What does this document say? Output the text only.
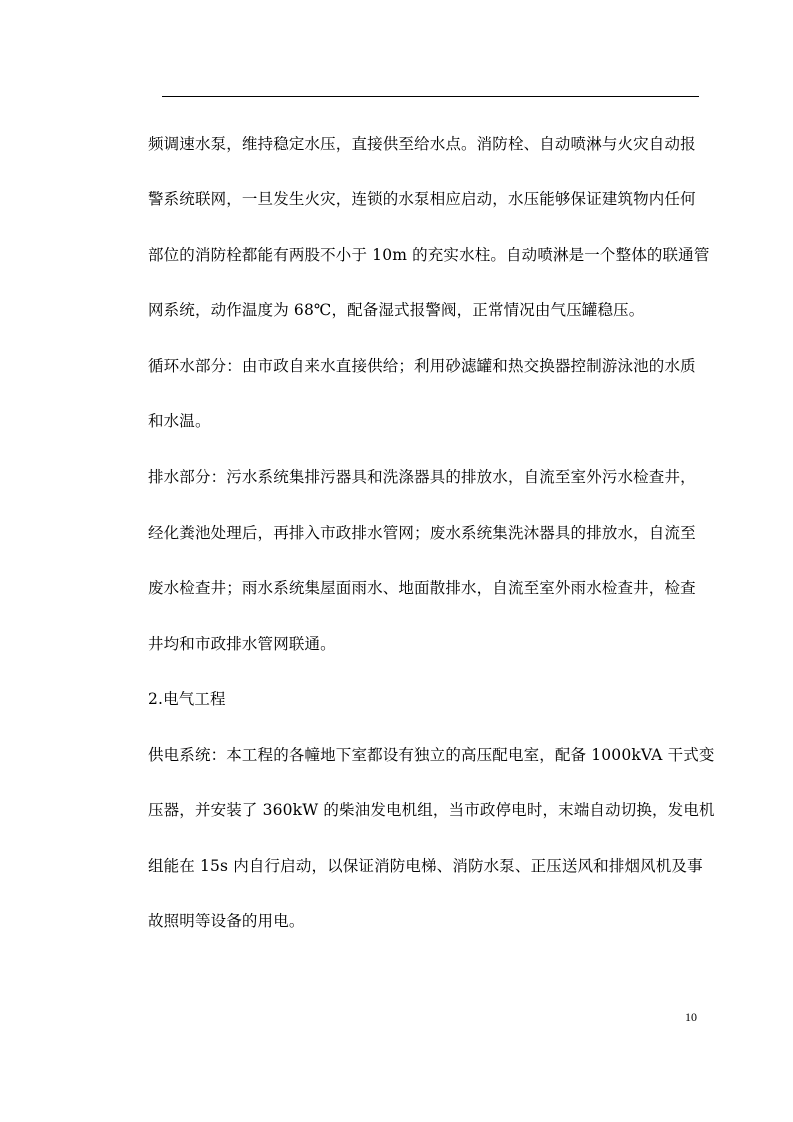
频调速水泵，维持稳定水压，直接供至给水点。消防栓、自动喷淋与火灾自动报
警系统联网，一旦发生火灾，连锁的水泵相应启动，水压能够保证建筑物内任何
部位的消防栓都能有两股不小于 10m 的充实水柱。自动喷淋是一个整体的联通管
网系统，动作温度为 68℃，配备湿式报警阀，正常情况由气压罐稳压。
循环水部分：由市政自来水直接供给；利用砂滤罐和热交换器控制游泳池的水质
和水温。
排水部分：污水系统集排污器具和洗涤器具的排放水，自流至室外污水检查井，
经化粪池处理后，再排入市政排水管网；废水系统集洗沐器具的排放水，自流至
废水检查井；雨水系统集屋面雨水、地面散排水，自流至室外雨水检查井，检查
井均和市政排水管网联通。
2.电气工程
供电系统：本工程的各幢地下室都设有独立的高压配电室，配备 1000kVA 干式变
压器，并安装了 360kW 的柴油发电机组，当市政停电时，末端自动切换，发电机
组能在 15s 内自行启动，以保证消防电梯、消防水泵、正压送风和排烟风机及事
故照明等设备的用电。
10
